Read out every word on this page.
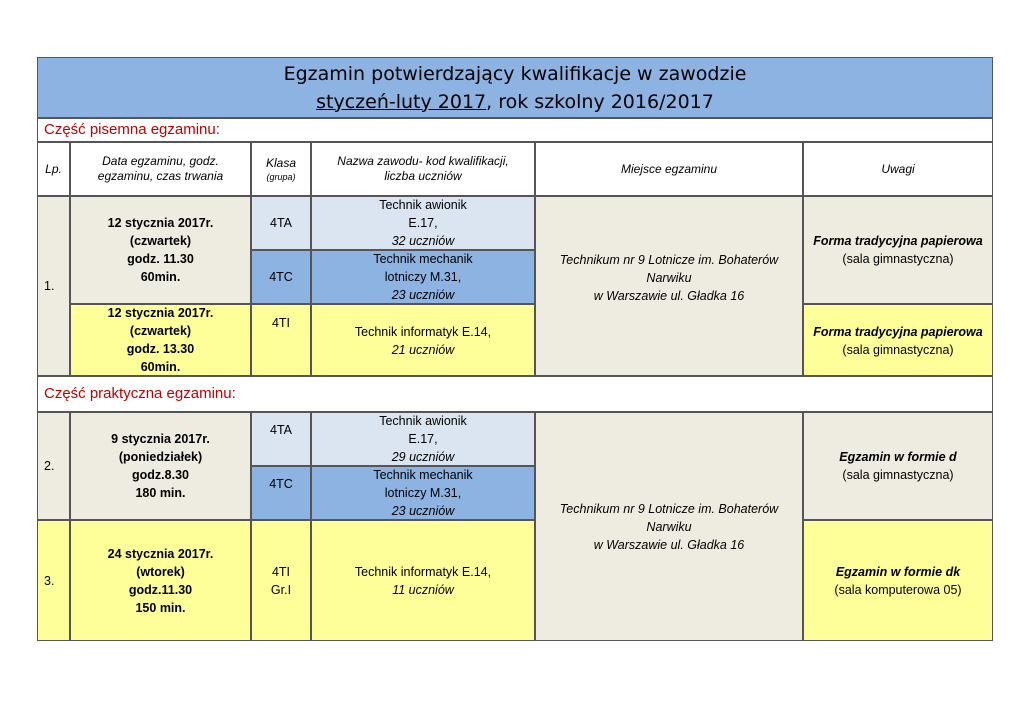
Egzamin potwierdzający kwalifikacje w zawodzie
styczeń-luty 2017, rok szkolny 2016/2017
Część pisemna egzaminu:
Lp.
Data egzaminu, godz.
egzaminu, czas trwania
Klasa
(grupa)
Nazwa zawodu- kod kwalifikacji,
liczba uczniów
Miejsce egzaminu	Uwagi
1.
12 stycznia 2017r.
(czwartek)
godz. 11.30
60min.
12 stycznia 2017r.
(czwartek)
godz. 13.30
60min.
4TA
4TC
4TI
Technik awionik
E.17,
32 uczniów
Technik mechanik
lotniczy M.31,
23 uczniów
Technik informatyk E.14,
21 uczniów
Technikum nr 9 Lotnicze im. Bohaterów
Narwiku
w Warszawie ul. Gładka 16
Forma tradycyjna papierowa
(sala gimnastyczna)
Forma tradycyjna papierowa
(sala gimnastyczna)
Część praktyczna egzaminu:
2.
9 stycznia 2017r.
(poniedziałek)
godz.8.30
180 min.
4TA
4TC
Technik awionik
E.17,
29 uczniów
Technik mechanik
lotniczy M.31,
23 uczniów	Technikum nr 9 Lotnicze im. Bohaterów
Narwiku
w Warszawie ul. Gładka 16
Egzamin w formie d
(sala gimnastyczna)
3.
24 stycznia 2017r.
(wtorek)
godz.11.30
150 min.
4TI
Gr.I
Technik informatyk E.14,
11 uczniów
Egzamin w formie dk
(sala komputerowa 05)
